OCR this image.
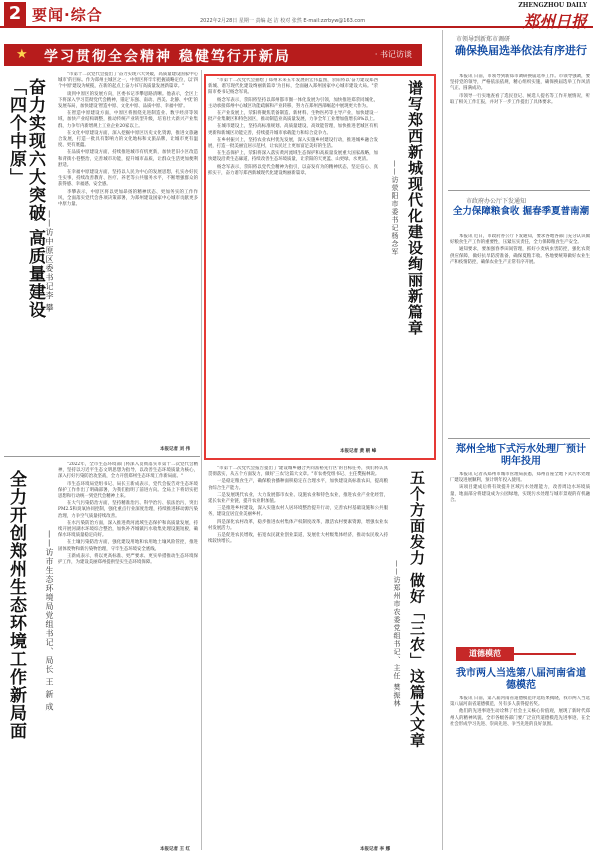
2 要闻·综合	2022年2月28日 星期一 责编 赵 洁 校对 张然 E-mail:zzrbyw@163.com
ZHENGZHOU DAILY
郑州日报
★ 学习贯彻全会精神 稳健笃行开新局	· 书记访谈
奋力实现六大突破 高质量建设「四个中原」
——访中原区委书记李 攀

"市第十二次党代会提出了'奋力实现六大突破，高质量建设国家中心城市'的目标。作为郑州主城区之一，中原区将牢牢把握战略定位，以'四个中原'建设为统揽，在新的起点上奋力书写高质量发展新篇章。"

谈到中原区的发展方向，区委书记李攀思路清晰。他表示，全区上下将深入学习贯彻党代会精神，锚定'东强、南动、西美、北静、中优'的发展布局，加快建设'智造中原、文化中原、品质中原、幸福中原'。

在智造中原建设方面，中原区将围绕先进制造业、数字经济等领域，加快产业结构调整，推动传统产业转型升级，培育壮大新兴产业集群，力争年内新增规上工业企业20家以上。

在文化中原建设方面，深入挖掘中原区历史文化资源，推进文旅融合发展，打造一批具有影响力的文化地标和文旅品牌，让城市更有温度、更有底蕴。

在品质中原建设方面，持续推进城市有机更新，加快老旧小区改造和背街小巷整治，完善城市功能，提升城市品质，让群众生活更加便利舒适。

在幸福中原建设方面，坚持以人民为中心的发展思想，扎实办好民生实事，持续改善教育、医疗、养老等公共服务水平，不断增强群众的获得感、幸福感、安全感。

李攀表示，中原区将以更加昂扬的精神状态、更加务实的工作作风，全面落实党代会各项决策部署，为郑州建设国家中心城市贡献更多中原力量。

本报记者 刘 伟
全力开创郑州生态环境工作新局面 ——访市生态环境局党组书记、局长 王 新 成

"2022年，全市生态环境部门将深入贯彻落实市第十二次党代会精神，坚持以习近平生态文明思想为指导，以改善生态环境质量为核心，深入打好污染防治攻坚战，全力开创郑州生态环境工作新局面。"

市生态环境局党组书记、局长王新成表示，党代会报告对生态环境保护工作作出了明确部署，为我们指明了前进方向。全局上下将切实把思想和行动统一到党代会精神上来。

在大气污染防治方面，坚持精准治污、科学治污、依法治污，突出PM2.5和臭氧协同控制，强化重点行业深度治理，持续推进移动源污染治理，力争空气质量持续改善。

在水污染防治方面，深入推进黄河流域生态保护和高质量发展，持续开展河湖水环境综合整治，加快补齐城镇污水收集处理设施短板，确保水环境质量稳定向好。

在土壤污染防治方面，强化建设用地和农用地土壤风险管控，推进固体废物和新污染物治理，守牢生态环境安全底线。

王新成表示，将以更高标准、更严要求、更实举措推动生态环境保护工作，为建设美丽郑州提供坚实生态环境保障。

本报记者 王 红

"市第十二次党代会描绘了郑州未来五年发展的宏伟蓝图，荥阳将以'奋力建设郑西新城、谱写现代化建设绚丽新篇章'为目标，全面融入郑州国家中心城市建设大局。"荥阳市委书记杨念军说。

杨念军表示，荥阳将坚持以郑州都市圈一体化发展为引领，加快推进郑荥同城化，主动承接郑州中心城区功能疏解和产业转移，努力在郑州西部崛起中展现更大作为。

在产业发展上，荥阳将聚焦装备制造、新材料、生物医药等主导产业，加快建设一批产业集聚区和特色园区，推动制造业高质量发展，力争全年工业增加值增长8%以上。

在城市建设上，坚持高标准规划、高质量建设、高效能管理，加快推进老城区有机更新和新城区功能完善，持续提升城市承载能力和综合竞争力。

在乡村振兴上，坚持农业农村优先发展，深入实施乡村建设行动，推进城乡融合发展，打造一批美丽宜居示范村，让农民过上更加富足美好的生活。

在生态保护上，荥阳将深入落实黄河流域生态保护和高质量发展重大国家战略，加快建设沿黄生态廊道，持续改善生态环境质量，让荥阳的天更蓝、山更绿、水更清。

杨念军表示，荥阳将以党代会精神为指引，以奋发有为的精神状态，坚定信心、真抓实干，奋力谱写郑西新城现代化建设绚丽新篇章。	谱写郑西新城现代化建设绚丽新篇章
——访荥阳市委书记杨念军
本报记者 黄 朝 峰

"市第十二次党代会报告提出了'建设城乡融合共同富裕先行区'的目标任务，我们将认真贯彻落实，从五个方面发力，做好'三农'这篇大文章。"市农委党组书记、主任樊振林说。

一是稳定粮食生产，确保粮食播种面积稳定在合理水平，加快建设高标准农田，提高粮食综合生产能力。

二是发展现代农业，大力发展都市农业、设施农业和特色农业，推进农业产业化经营，延长农业产业链，提升农业附加值。

三是推进乡村建设，深入实施农村人居环境整治提升行动，完善农村基础设施和公共服务，建设宜居宜业美丽乡村。

四是深化农村改革，稳步推进农村集体产权制度改革，激活农村要素资源，增强农业农村发展活力。

五是促进农民增收，拓宽农民就业创业渠道，发展壮大村级集体经济，推动农民收入持续较快增长。	五个方面发力 做好「三农」这篇大文章
——访郑州市农委党组书记、主任 樊振林
本报记者 李 娜
市领导到新郑市调研
确保换届选举依法有序进行

本报讯 日前，市领导到新郑市调研换届选举工作。市领导强调，要坚持党的领导，严格依法依规，精心组织实施，确保换届选举工作风清气正、圆满成功。

市领导一行实地查看了选民登记、候选人提名等工作开展情况，听取了相关工作汇报，并对下一步工作提出了具体要求。

市政府办公厅下发通知
全力保障粮食收 掘春季夏普南潮

本报讯 近日，市政府办公厅下发通知，要求各地各部门充分认识做好粮食生产工作的重要性，压紧压实责任，全力保障粮食生产安全。

通知要求，要加强春季田间管理，抓好小麦病虫害防控，强化农资供应保障，做好抗旱防涝准备，确保夏粮丰收。各地要统筹做好农业生产和疫情防控，确保农业生产正常有序开展。

郑州全地下式污水处理厂预计明年投用

本报讯 记者从郑州市城市管理局获悉，郑州首座全地下式污水处理厂建设进展顺利，预计明年投入使用。

该项目建成后将有效提升区域污水处理能力，改善周边水环境质量，地面部分将建设成为公园绿地，实现污水处理与城市景观的有机融合。

道德模范
我市两人当选第八届河南省道德模范

本报讯 日前，第八届河南省道德模范评选结果揭晓，我市两人当选第八届河南省道德模范，另有多人获得提名奖。

他们的先进事迹生动诠释了社会主义核心价值观，展现了新时代郑州人的精神风貌。全市各级各部门要广泛宣传道德模范先进事迹，在全社会形成学习先进、崇尚先进、争当先进的良好氛围。
